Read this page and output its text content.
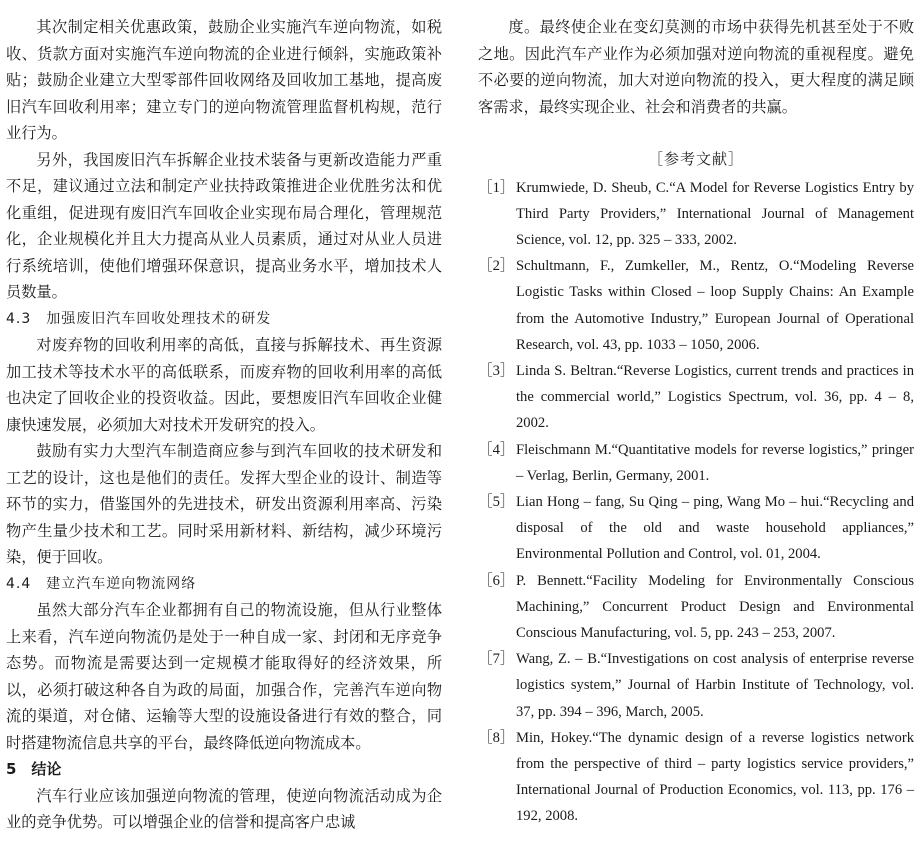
其次制定相关优惠政策，鼓励企业实施汽车逆向物流，如税收、货款方面对实施汽车逆向物流的企业进行倾斜，实施政策补贴；鼓励企业建立大型零部件回收网络及回收加工基地，提高废旧汽车回收利用率；建立专门的逆向物流管理监督机构规，范行业行为。

另外，我国废旧汽车拆解企业技术装备与更新改造能力严重不足，建议通过立法和制定产业扶持政策推进企业优胜劣汰和优化重组，促进现有废旧汽车回收企业实现布局合理化，管理规范化，企业规模化并且大力提高从业人员素质，通过对从业人员进行系统培训，使他们增强环保意识，提高业务水平，增加技术人员数量。

4.3　加强废旧汽车回收处理技术的研发

对废弃物的回收利用率的高低，直接与拆解技术、再生资源加工技术等技术水平的高低联系，而废弃物的回收利用率的高低也决定了回收企业的投资收益。因此，要想废旧汽车回收企业健康快速发展，必须加大对技术开发研究的投入。

鼓励有实力大型汽车制造商应参与到汽车回收的技术研发和工艺的设计，这也是他们的责任。发挥大型企业的设计、制造等环节的实力，借鉴国外的先进技术，研发出资源利用率高、污染物产生量少技术和工艺。同时采用新材料、新结构，减少环境污染，便于回收。

4.4　建立汽车逆向物流网络

虽然大部分汽车企业都拥有自己的物流设施，但从行业整体上来看，汽车逆向物流仍是处于一种自成一家、封闭和无序竞争态势。而物流是需要达到一定规模才能取得好的经济效果，所以，必须打破这种各自为政的局面，加强合作，完善汽车逆向物流的渠道，对仓储、运输等大型的设施设备进行有效的整合，同时搭建物流信息共享的平台，最终降低逆向物流成本。

5　结论

汽车行业应该加强逆向物流的管理，使逆向物流活动成为企业的竞争优势。可以增强企业的信誉和提高客户忠诚

度。最终使企业在变幻莫测的市场中获得先机甚至处于不败之地。因此汽车产业作为必须加强对逆向物流的重视程度。避免不必要的逆向物流，加大对逆向物流的投入，更大程度的满足顾客需求，最终实现企业、社会和消费者的共赢。

［参考文献］
［1］ Krumwiede, D. Sheub, C.“A Model for Reverse Logistics Entry by Third Party Providers,” International Journal of Management Science, vol. 12, pp. 325 – 333, 2002.
［2］ Schultmann, F., Zumkeller, M., Rentz, O.“Modeling Reverse Logistic Tasks within Closed – loop Supply Chains: An Example from the Automotive Industry,” European Journal of Operational Research, vol. 43, pp. 1033 – 1050, 2006.
［3］ Linda S. Beltran.“Reverse Logistics, current trends and practices in the commercial world,” Logistics Spectrum, vol. 36, pp. 4 – 8, 2002.
［4］ Fleischmann M.“Quantitative models for reverse logistics,” pringer – Verlag, Berlin, Germany, 2001.
［5］ Lian Hong – fang, Su Qing – ping, Wang Mo – hui.“Recycling and disposal of the old and waste household appliances,” Environmental Pollution and Control, vol. 01, 2004.
［6］ P. Bennett.“Facility Modeling for Environmentally Conscious Machining,” Concurrent Product Design and Environmental Conscious Manufacturing, vol. 5, pp. 243 – 253, 2007.
［7］ Wang, Z. – B.“Investigations on cost analysis of enterprise reverse logistics system,” Journal of Harbin Institute of Technology, vol. 37, pp. 394 – 396, March, 2005.
［8］ Min, Hokey.“The dynamic design of a reverse logistics network from the perspective of third – party logistics service providers,” International Journal of Production Economics, vol. 113, pp. 176 – 192, 2008.
